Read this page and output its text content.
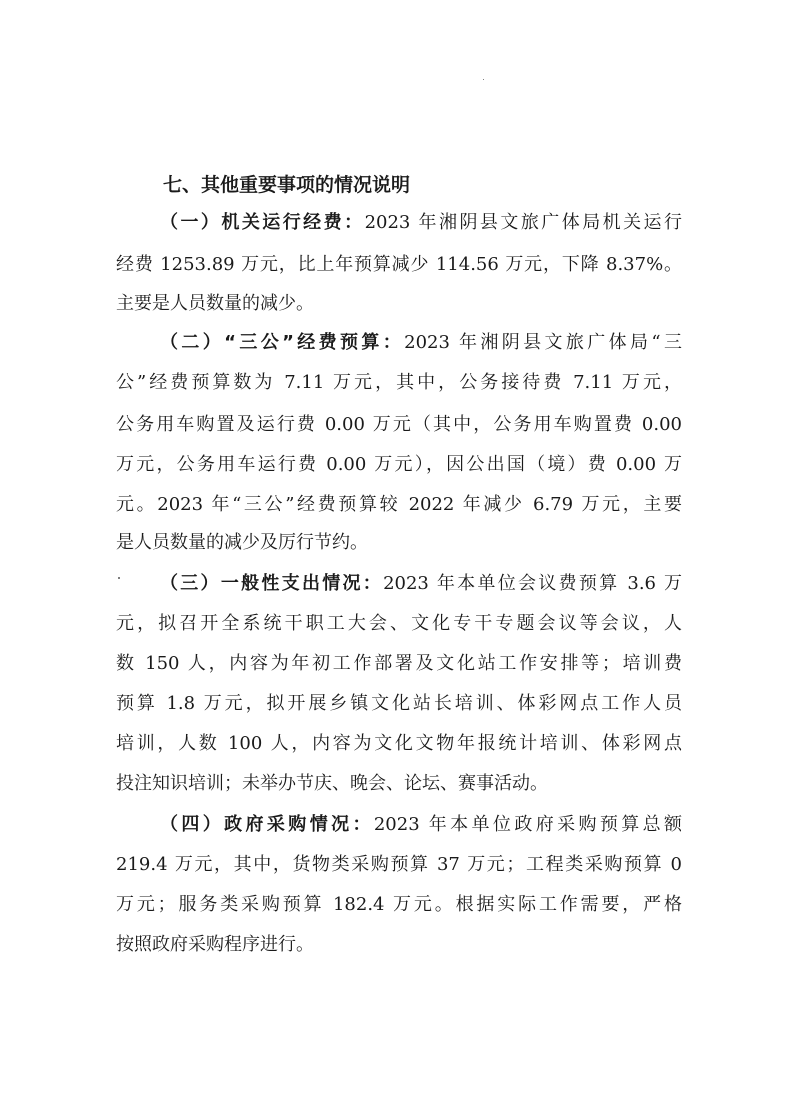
七、其他重要事项的情况说明
（一）机关运行经费：2023 年湘阴县文旅广体局机关运行
经费 1253.89 万元，比上年预算减少 114.56 万元，下降 8.37%。
主要是人员数量的减少。
（二）“三公”经费预算：2023 年湘阴县文旅广体局“三
公”经费预算数为 7.11 万元，其中，公务接待费 7.11 万元，
公务用车购置及运行费 0.00 万元（其中，公务用车购置费 0.00
万元，公务用车运行费 0.00 万元），因公出国（境）费 0.00 万
元。2023 年“三公”经费预算较 2022 年减少 6.79 万元，主要
是人员数量的减少及厉行节约。
（三）一般性支出情况：2023 年本单位会议费预算 3.6 万
元，拟召开全系统干职工大会、文化专干专题会议等会议，人
数 150 人，内容为年初工作部署及文化站工作安排等；培训费
预算 1.8 万元，拟开展乡镇文化站长培训、体彩网点工作人员
培训，人数 100 人，内容为文化文物年报统计培训、体彩网点
投注知识培训；未举办节庆、晚会、论坛、赛事活动。
（四）政府采购情况：2023 年本单位政府采购预算总额
219.4 万元，其中，货物类采购预算 37 万元；工程类采购预算 0
万元；服务类采购预算 182.4 万元。根据实际工作需要，严格
按照政府采购程序进行。
